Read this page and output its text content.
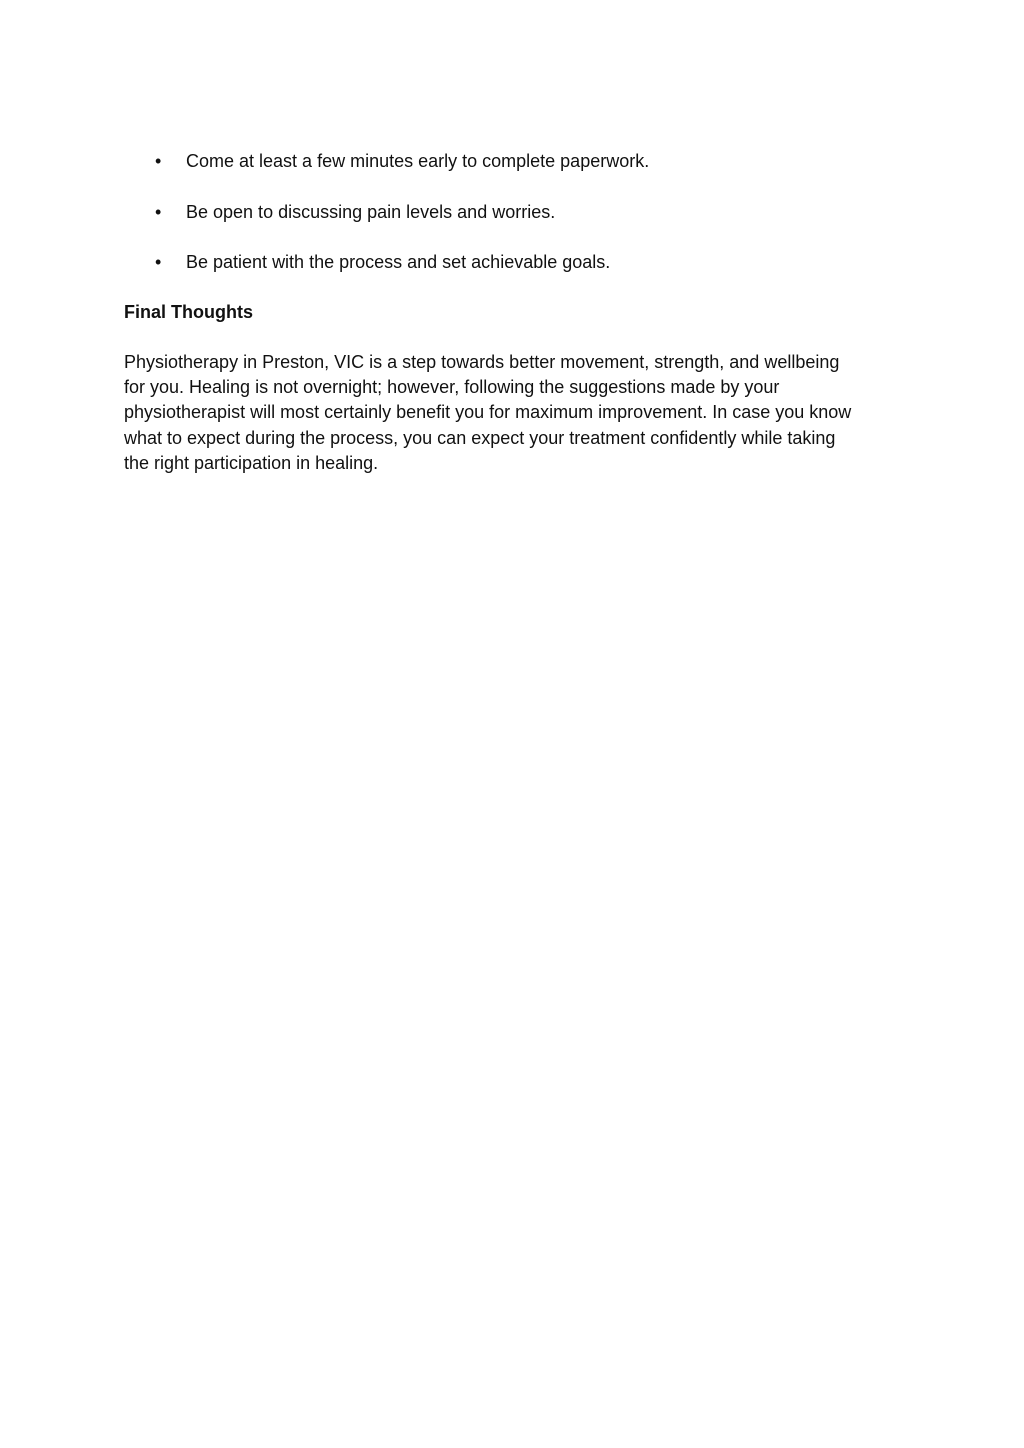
• Come at least a few minutes early to complete paperwork.
• Be open to discussing pain levels and worries.
• Be patient with the process and set achievable goals.
Final Thoughts

Physiotherapy in Preston, VIC is a step towards better movement, strength, and wellbeing
for you. Healing is not overnight; however, following the suggestions made by your
physiotherapist will most certainly benefit you for maximum improvement. In case you know
what to expect during the process, you can expect your treatment confidently while taking
the right participation in healing.
